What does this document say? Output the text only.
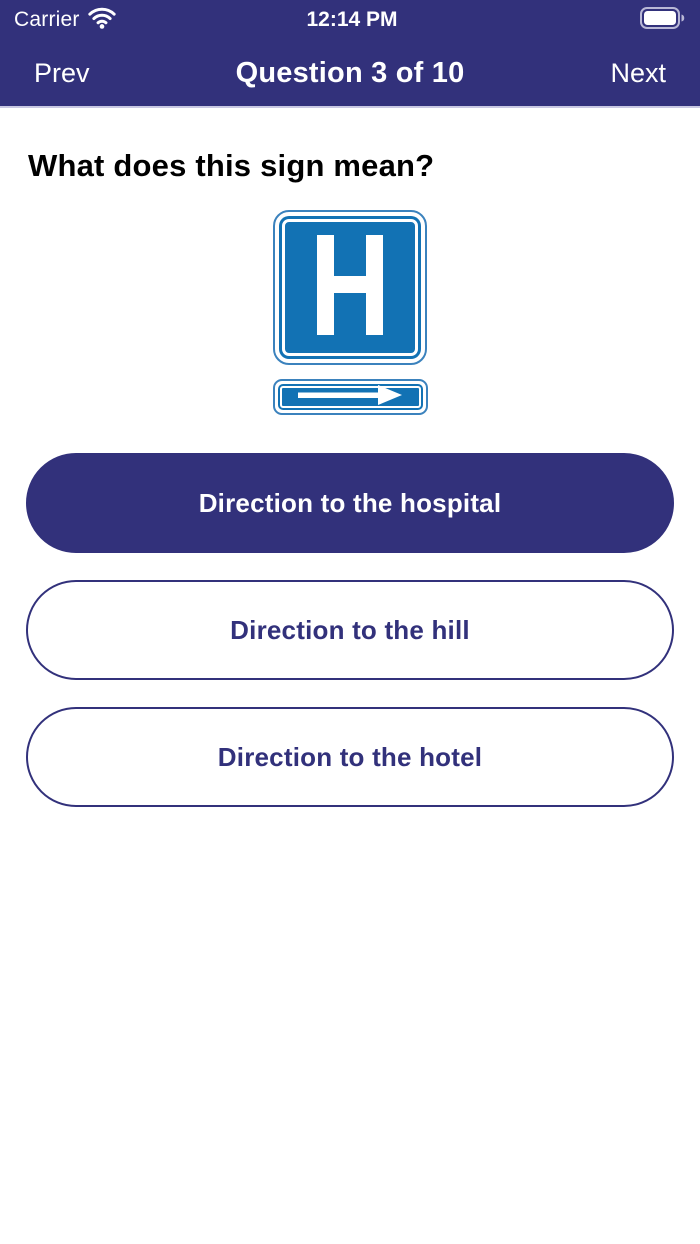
Carrier	12:14 PM
Prev	Question 3 of 10	Next
What does this sign mean?
Direction to the hospital
Direction to the hill
Direction to the hotel
